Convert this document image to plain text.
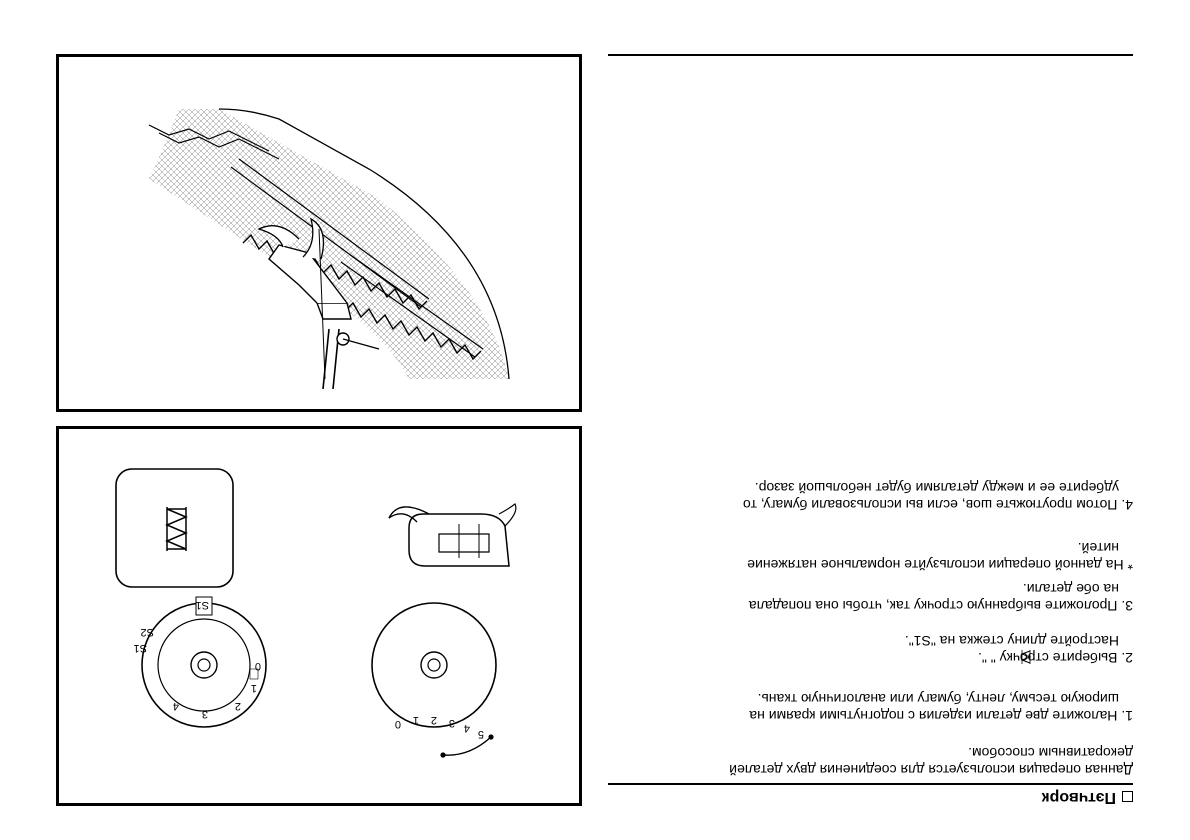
Пэтчворк

Данная операция используется для соединения двух деталей
декоративным способом.

1. Наложите две детали изделия с подогнутыми краями на
широкую тесьму, ленту, бумагу или аналогичную ткань.

2. Выберите строчку " ".
Настройте длину стежка на "S1".

3. Проложите выбранную строчку так, чтобы она попадала
на обе детали.

* На данной операции используйте нормальное натяжение
нитей.

4. Потом проутюжьте шов, если вы использовали бумагу, то
удберите ее и между деталями будет небольшой зазор.

5
4
3
2
1
0
S1
S2
S1
0
1
2
3
4
